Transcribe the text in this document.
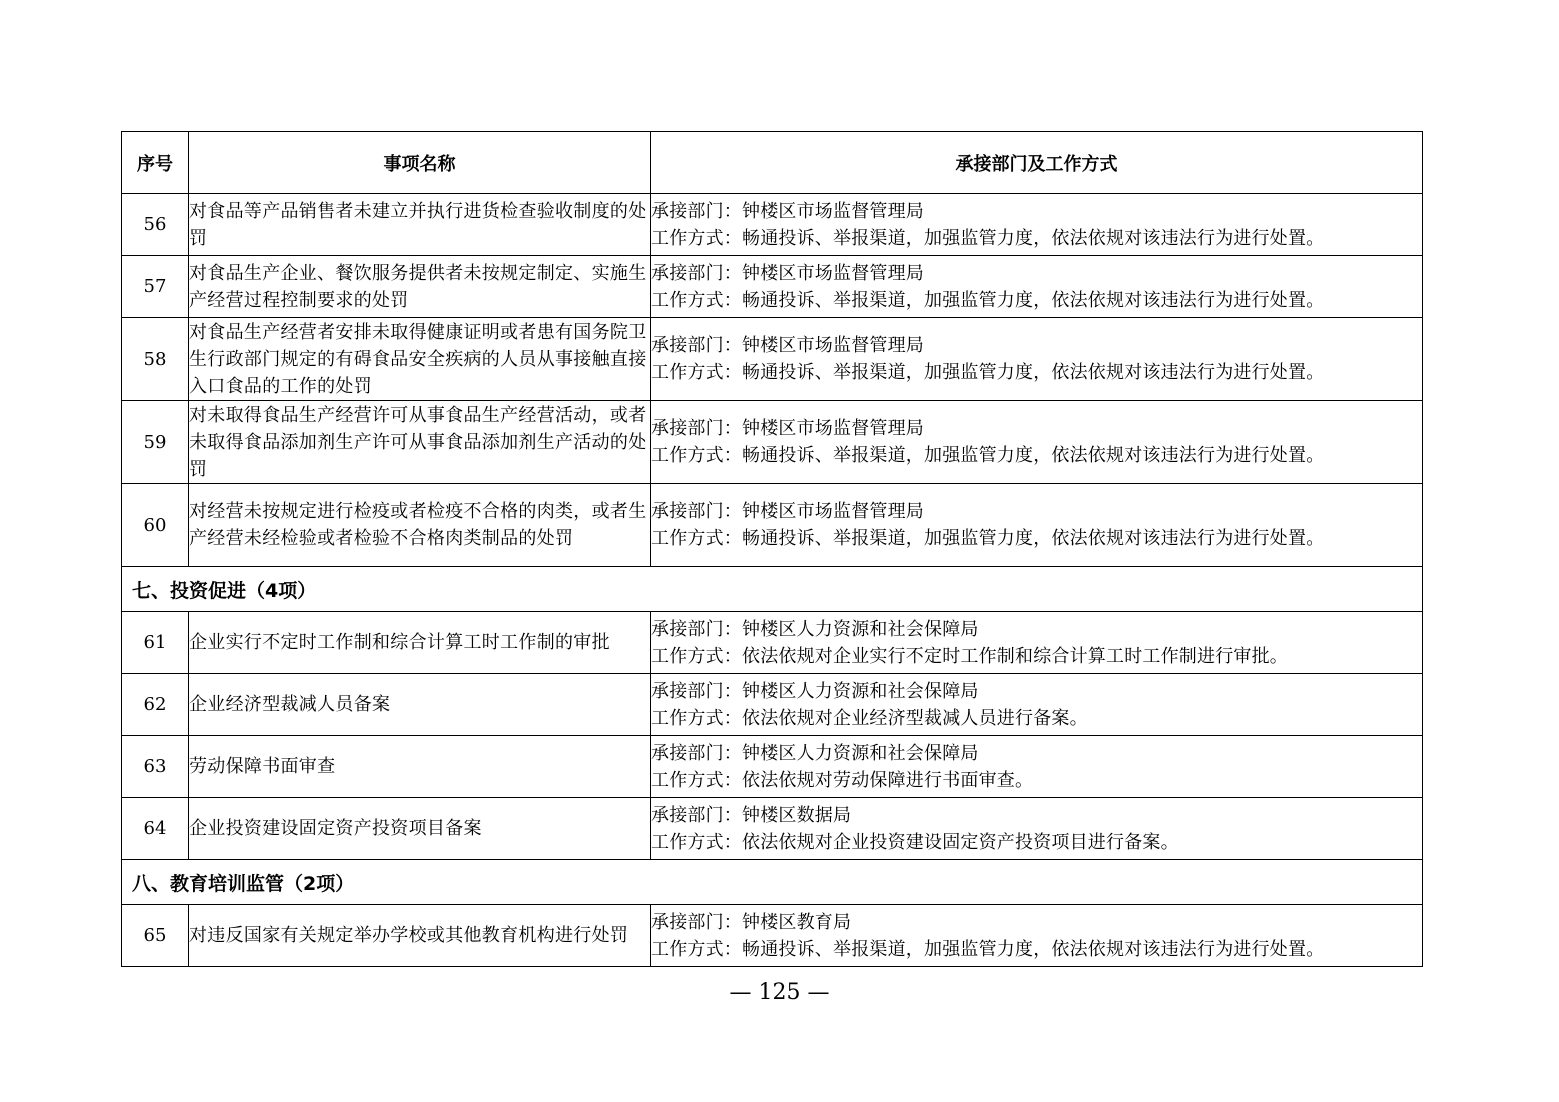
序号	事项名称	承接部门及工作方式
56	对食品等产品销售者未建立并执行进货检查验收制度的处罚	承接部门：钟楼区市场监督管理局
工作方式：畅通投诉、举报渠道，加强监管力度，依法依规对该违法行为进行处置。

57	对食品生产企业、餐饮服务提供者未按规定制定、实施生产经营过程控制要求的处罚	承接部门：钟楼区市场监督管理局
工作方式：畅通投诉、举报渠道，加强监管力度，依法依规对该违法行为进行处置。

58	对食品生产经营者安排未取得健康证明或者患有国务院卫生行政部门规定的有碍食品安全疾病的人员从事接触直接入口食品的工作的处罚	承接部门：钟楼区市场监督管理局
工作方式：畅通投诉、举报渠道，加强监管力度，依法依规对该违法行为进行处置。

59	对未取得食品生产经营许可从事食品生产经营活动，或者未取得食品添加剂生产许可从事食品添加剂生产活动的处罚	承接部门：钟楼区市场监督管理局
工作方式：畅通投诉、举报渠道，加强监管力度，依法依规对该违法行为进行处置。

60	对经营未按规定进行检疫或者检疫不合格的肉类，或者生产经营未经检验或者检验不合格肉类制品的处罚	承接部门：钟楼区市场监督管理局
工作方式：畅通投诉、举报渠道，加强监管力度，依法依规对该违法行为进行处置。

七、投资促进（4项）		
61	企业实行不定时工作制和综合计算工时工作制的审批	承接部门：钟楼区人力资源和社会保障局
工作方式：依法依规对企业实行不定时工作制和综合计算工时工作制进行审批。

62	企业经济型裁减人员备案	承接部门：钟楼区人力资源和社会保障局
工作方式：依法依规对企业经济型裁减人员进行备案。

63	劳动保障书面审查	承接部门：钟楼区人力资源和社会保障局
工作方式：依法依规对劳动保障进行书面审查。

64	企业投资建设固定资产投资项目备案	承接部门：钟楼区数据局
工作方式：依法依规对企业投资建设固定资产投资项目进行备案。

八、教育培训监管（2项）		
65	对违反国家有关规定举办学校或其他教育机构进行处罚	承接部门：钟楼区教育局
工作方式：畅通投诉、举报渠道，加强监管力度，依法依规对该违法行为进行处置。
— 125 —
